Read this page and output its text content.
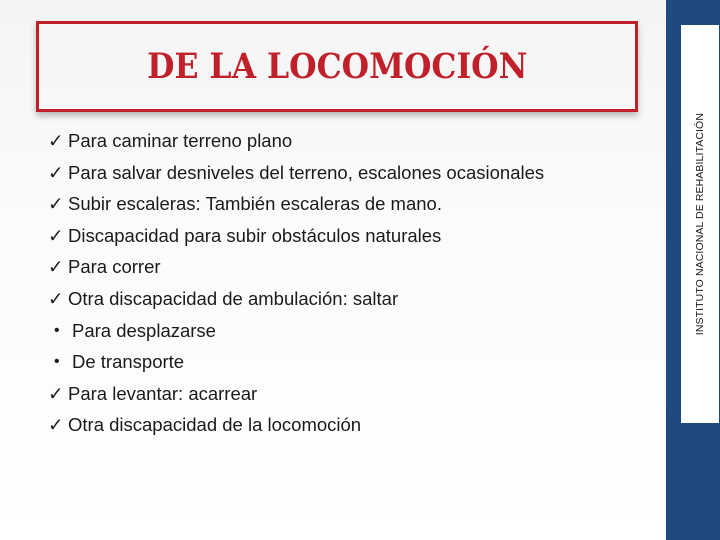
DE LA LOCOMOCIÓN
✓ Para caminar terreno plano
✓ Para salvar desniveles del terreno, escalones ocasionales
✓ Subir escaleras: También escaleras de mano.
✓ Discapacidad para subir obstáculos naturales
✓ Para correr
✓ Otra discapacidad de ambulación: saltar
• Para desplazarse
• De transporte
✓ Para levantar: acarrear
✓ Otra discapacidad de la locomoción
INSTITUTO NACIONAL DE REHABILITACIÓN
